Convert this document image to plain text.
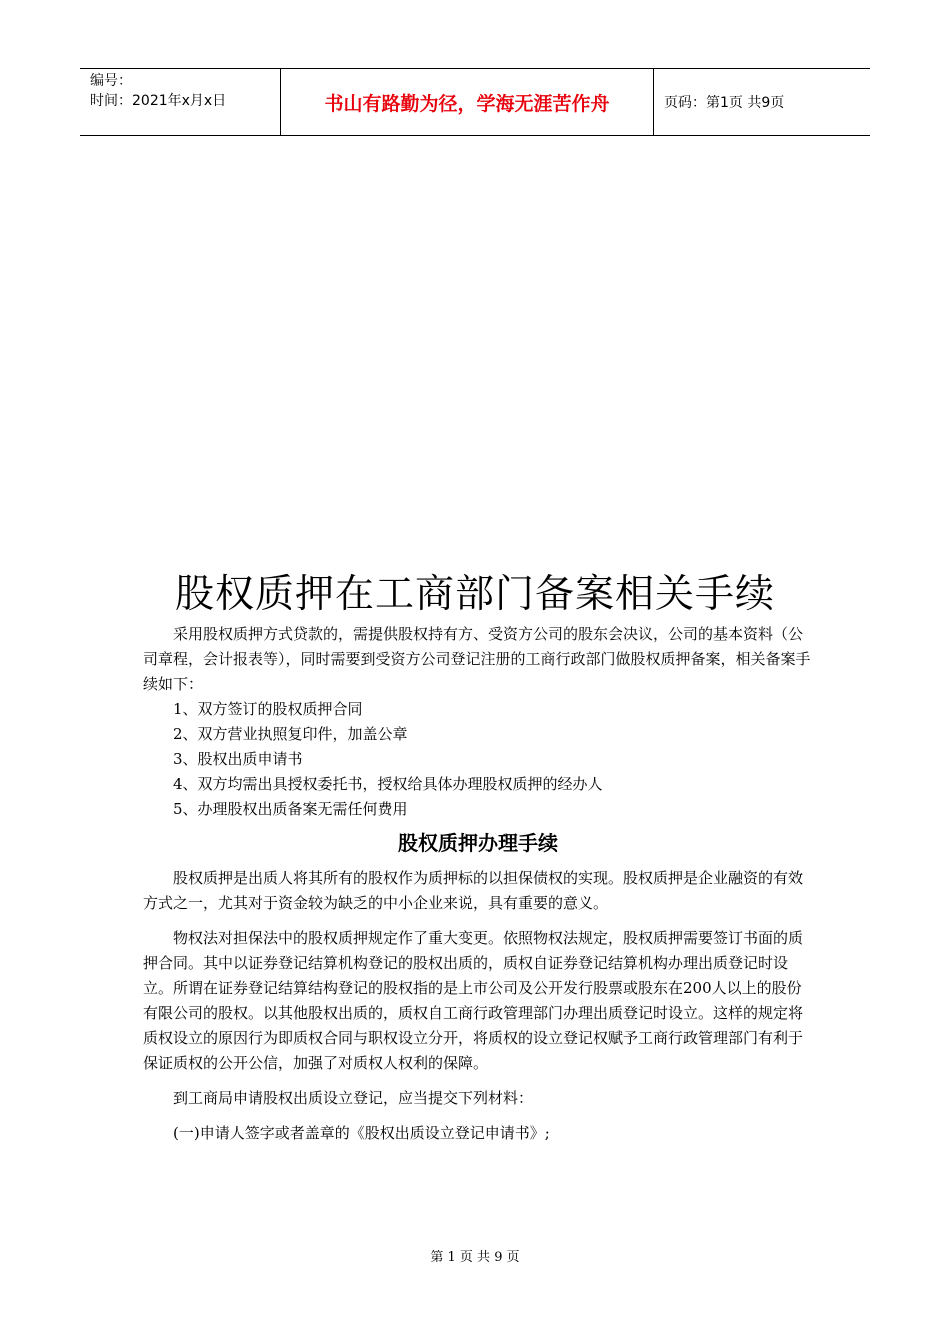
编号：
时间：2021年x月x日	书山有路勤为径，学海无涯苦作舟	页码：第1页 共9页
股权质押在工商部门备案相关手续

采用股权质押方式贷款的，需提供股权持有方、受资方公司的股东会决议，公司的基本资料（公司章程，会计报表等），同时需要到受资方公司登记注册的工商行政部门做股权质押备案，相关备案手续如下：

1、双方签订的股权质押合同

2、双方营业执照复印件，加盖公章

3、股权出质申请书

4、双方均需出具授权委托书，授权给具体办理股权质押的经办人

5、办理股权出质备案无需任何费用

股权质押办理手续

股权质押是出质人将其所有的股权作为质押标的以担保债权的实现。股权质押是企业融资的有效方式之一，尤其对于资金较为缺乏的中小企业来说，具有重要的意义。

物权法对担保法中的股权质押规定作了重大变更。依照物权法规定，股权质押需要签订书面的质押合同。其中以证券登记结算机构登记的股权出质的，质权自证券登记结算机构办理出质登记时设立。所谓在证券登记结算结构登记的股权指的是上市公司及公开发行股票或股东在200人以上的股份有限公司的股权。以其他股权出质的，质权自工商行政管理部门办理出质登记时设立。这样的规定将质权设立的原因行为即质权合同与职权设立分开，将质权的设立登记权赋予工商行政管理部门有利于保证质权的公开公信，加强了对质权人权利的保障。

到工商局申请股权出质设立登记，应当提交下列材料：

(一)申请人签字或者盖章的《股权出质设立登记申请书》;

第 1 页 共 9 页
